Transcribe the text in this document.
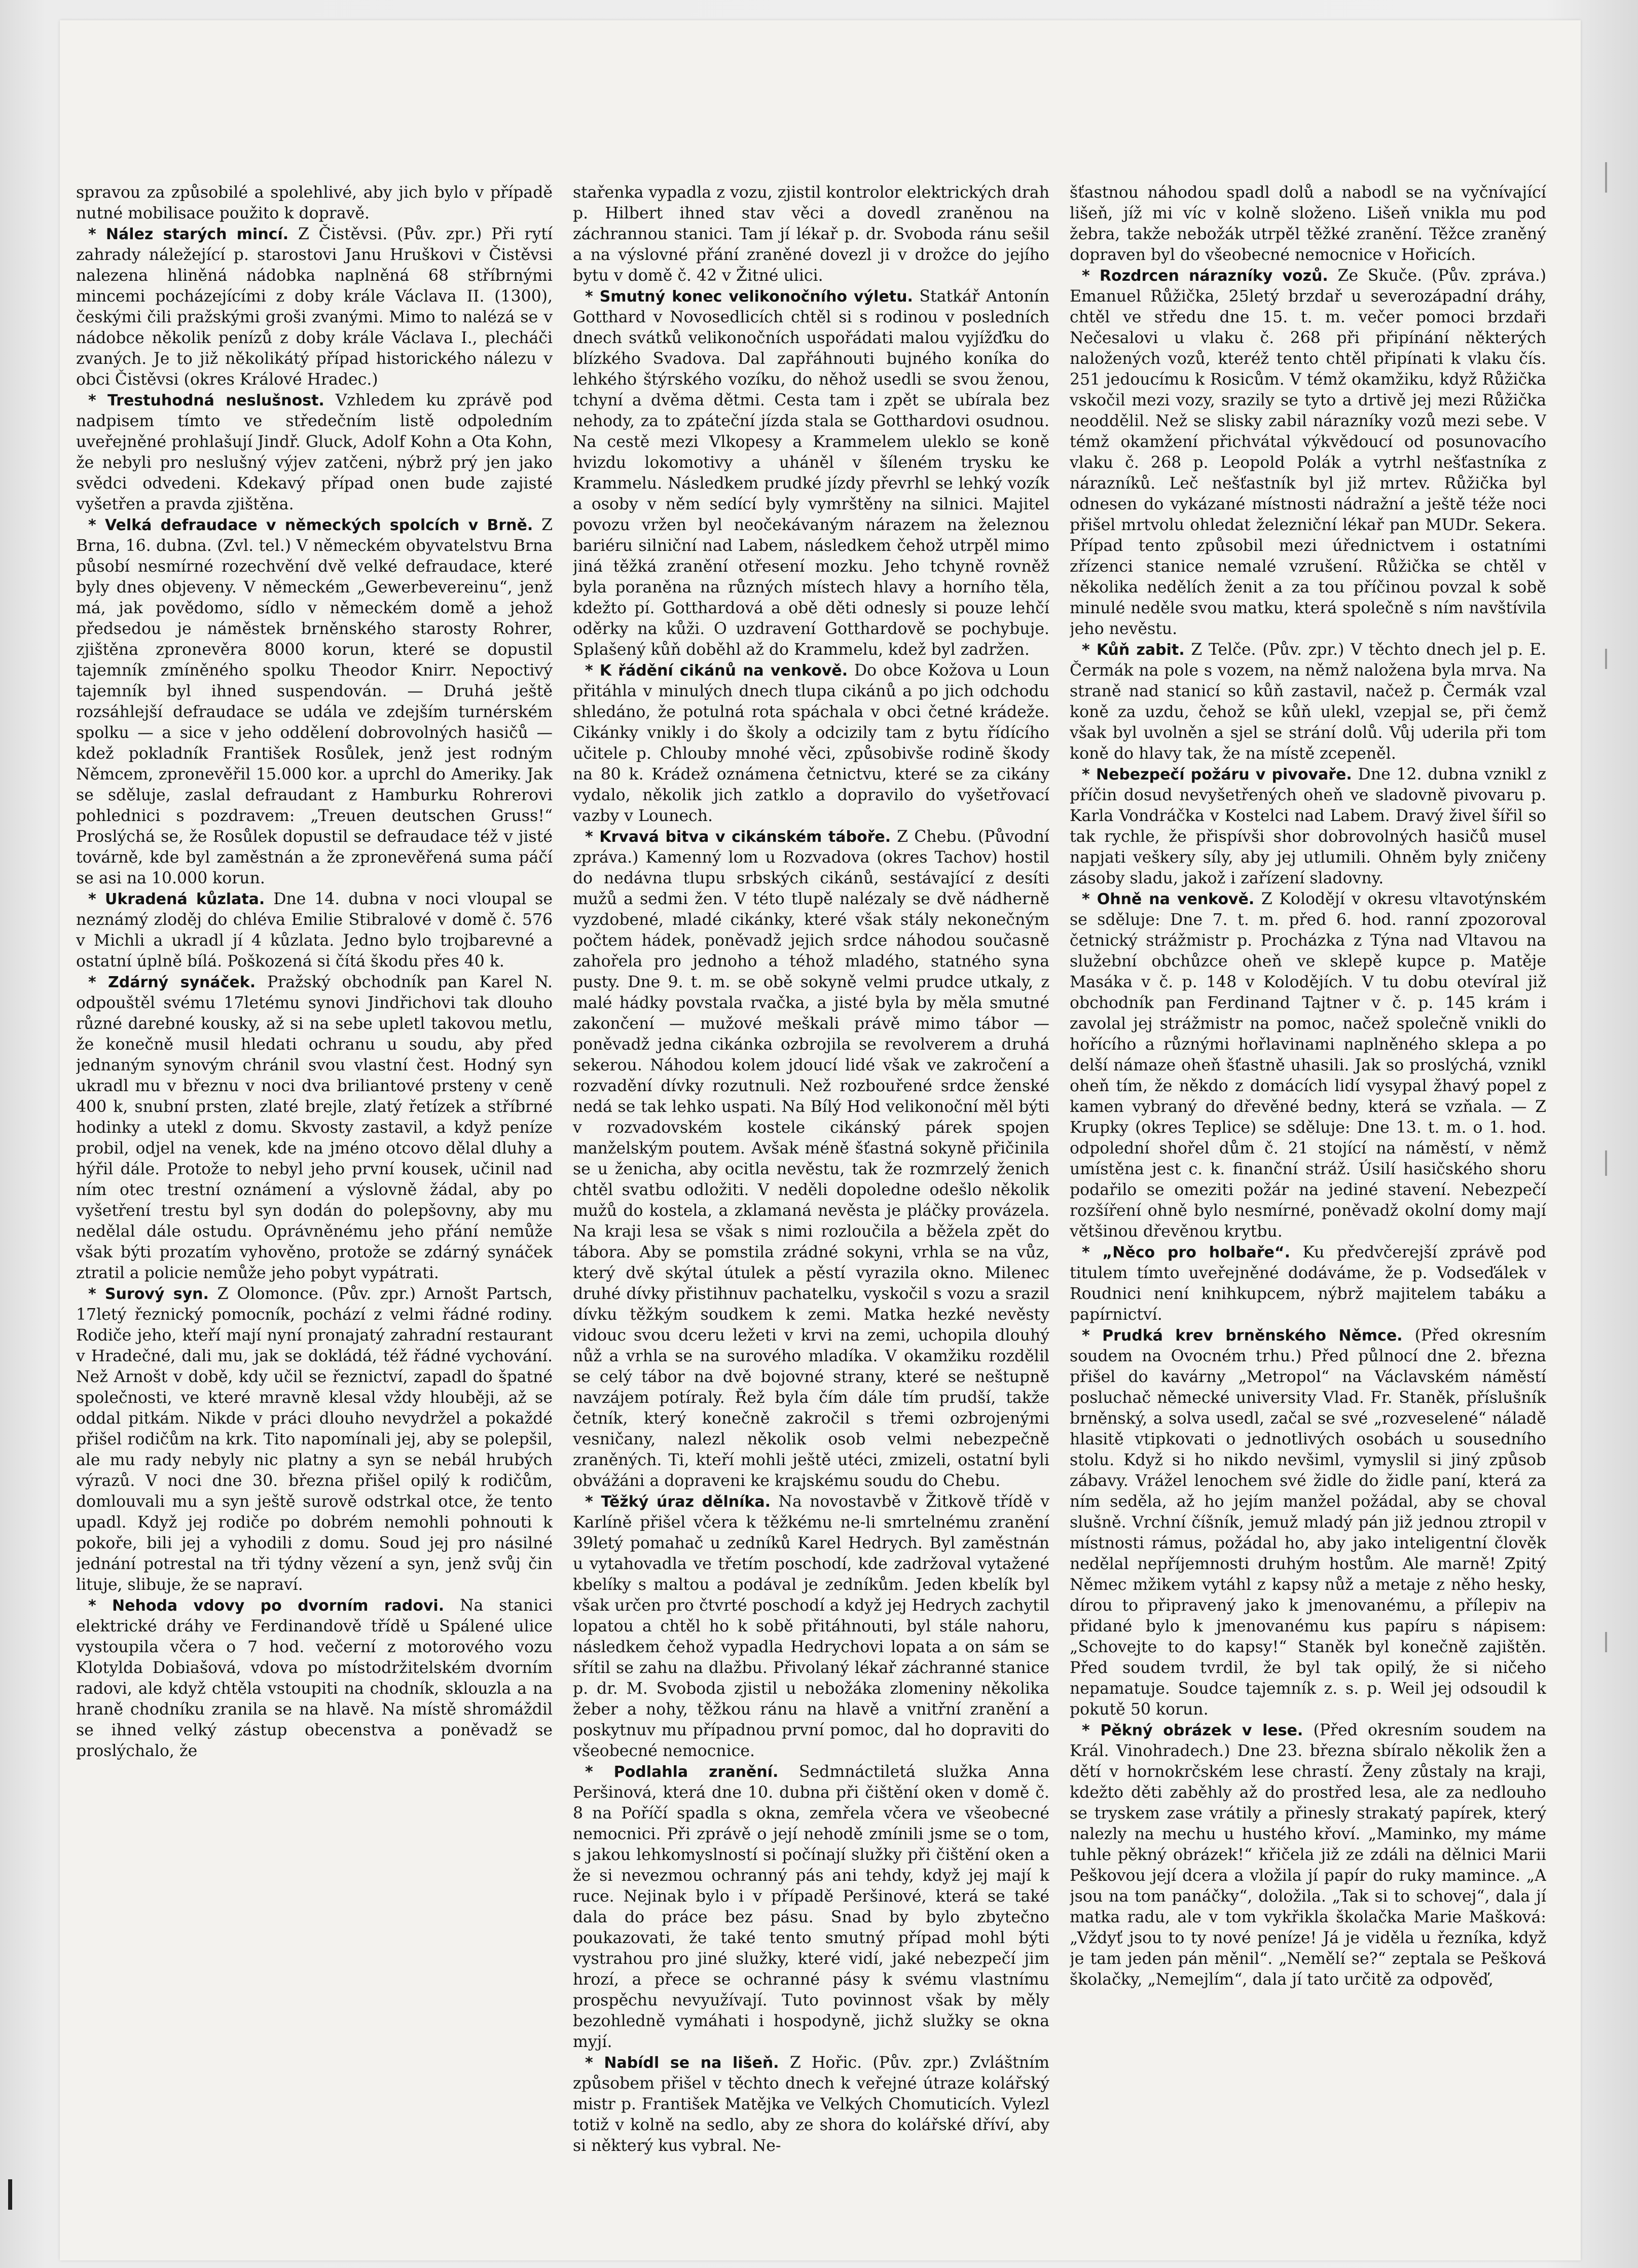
spravou za způsobilé a spolehlivé, aby jich bylo v případě nutné mobilisace použito k dopravě.

* Nález starých mincí. Z Čistěvsi. (Pův. zpr.) Při rytí zahrady náležející p. starostovi Janu Hruškovi v Čistěvsi nalezena hliněná nádobka naplněná 68 stříbrnými mincemi pocházejícími z doby krále Václava II. (1300), českými čili pražskými groši zvanými. Mimo to nalézá se v nádobce několik penízů z doby krále Václava I., plecháči zvaných. Je to již několikátý případ historického nálezu v obci Čistěvsi (okres Králové Hradec.)

* Trestuhodná neslušnost. Vzhledem ku zprávě pod nadpisem tímto ve středečním listě odpoledním uveřejněné prohlašují Jindř. Gluck, Adolf Kohn a Ota Kohn, že nebyli pro neslušný výjev zatčeni, nýbrž prý jen jako svědci odvedeni. Kdekavý případ onen bude zajisté vyšetřen a pravda zjištěna.

* Velká defraudace v německých spolcích v Brně. Z Brna, 16. dubna. (Zvl. tel.) V německém obyvatelstvu Brna působí nesmírné rozechvění dvě velké defraudace, které byly dnes objeveny. V německém „Gewerbevereinu“, jenž má, jak povědomo, sídlo v německém domě a jehož předsedou je náměstek brněnského starosty Rohrer, zjištěna zpronevěra 8000 korun, které se dopustil tajemník zmíněného spolku Theodor Knirr. Nepoctivý tajemník byl ihned suspendován. — Druhá ještě rozsáhlejší defraudace se udála ve zdejším turnérském spolku — a sice v jeho oddělení dobrovolných hasičů — kdež pokladník František Rosůlek, jenž jest rodným Němcem, zpronevěřil 15.000 kor. a uprchl do Ameriky. Jak se sděluje, zaslal defraudant z Hamburku Rohrerovi pohlednici s pozdravem: „Treuen deutschen Gruss!“ Proslýchá se, že Rosůlek dopustil se defraudace též v jisté továrně, kde byl zaměstnán a že zpronevěřená suma páčí se asi na 10.000 korun.

* Ukradená kůzlata. Dne 14. dubna v noci vloupal se neznámý zloděj do chléva Emilie Stibralové v domě č. 576 v Michli a ukradl jí 4 kůzlata. Jedno bylo trojbarevné a ostatní úplně bílá. Poškozená si čítá škodu přes 40 k.

* Zdárný synáček. Pražský obchodník pan Karel N. odpouštěl svému 17letému synovi Jindřichovi tak dlouho různé darebné kousky, až si na sebe upletl takovou metlu, že konečně musil hledati ochranu u soudu, aby před jednaným synovým chránil svou vlastní čest. Hodný syn ukradl mu v březnu v noci dva briliantové prsteny v ceně 400 k, snubní prsten, zlaté brejle, zlatý řetízek a stříbrné hodinky a utekl z domu. Skvosty zastavil, a když peníze probil, odjel na venek, kde na jméno otcovo dělal dluhy a hýřil dále. Protože to nebyl jeho první kousek, učinil nad ním otec trestní oznámení a výslovně žádal, aby po vyšetření trestu byl syn dodán do polepšovny, aby mu nedělal dále ostudu. Oprávněnému jeho přání nemůže však býti prozatím vyhověno, protože se zdárný synáček ztratil a policie nemůže jeho pobyt vypátrati.

* Surový syn. Z Olomonce. (Pův. zpr.) Arnošt Partsch, 17letý řeznický pomocník, pochází z velmi řádné rodiny. Rodiče jeho, kteří mají nyní pronajatý zahradní restaurant v Hradečné, dali mu, jak se dokládá, též řádné vychování. Než Arnošt v době, kdy učil se řeznictví, zapadl do špatné společnosti, ve které mravně klesal vždy hlouběji, až se oddal pitkám. Nikde v práci dlouho nevydržel a pokaždé přišel rodičům na krk. Tito napomínali jej, aby se polepšil, ale mu rady nebyly nic platny a syn se nebál hrubých výrazů. V noci dne 30. března přišel opilý k rodičům, domlouvali mu a syn ještě surově odstrkal otce, že tento upadl. Když jej rodiče po dobrém nemohli pohnouti k pokoře, bili jej a vyhodili z domu. Soud jej pro násilné jednání potrestal na tři týdny vězení a syn, jenž svůj čin lituje, slibuje, že se napraví.

* Nehoda vdovy po dvorním radovi. Na stanici elektrické dráhy ve Ferdinandově třídě u Spálené ulice vystoupila včera o 7 hod. večerní z motorového vozu Klotylda Dobiašová, vdova po místodržitelském dvorním radovi, ale když chtěla vstoupiti na chodník, sklouzla a na hraně chodníku zranila se na hlavě. Na místě shromáždil se ihned velký zástup obecenstva a poněvadž se proslýchalo, že

stařenka vypadla z vozu, zjistil kontrolor elektrických drah p. Hilbert ihned stav věci a dovedl zraněnou na záchrannou stanici. Tam jí lékař p. dr. Svoboda ránu sešil a na výslovné přání zraněné dovezl ji v drožce do jejího bytu v domě č. 42 v Žitné ulici.

* Smutný konec velikonočního výletu. Statkář Antonín Gotthard v Novosedlicích chtěl si s rodinou v posledních dnech svátků velikonočních uspořádati malou vyjížďku do blízkého Svadova. Dal zapřáhnouti bujného koníka do lehkého štýrského vozíku, do něhož usedli se svou ženou, tchyní a dvěma dětmi. Cesta tam i zpět se ubírala bez nehody, za to zpáteční jízda stala se Gotthardovi osudnou. Na cestě mezi Vlkopesy a Krammelem uleklo se koně hvizdu lokomotivy a uháněl v šíleném trysku ke Krammelu. Následkem prudké jízdy převrhl se lehký vozík a osoby v něm sedící byly vymrštěny na silnici. Majitel povozu vržen byl neočekávaným nárazem na železnou bariéru silniční nad Labem, následkem čehož utrpěl mimo jiná těžká zranění otřesení mozku. Jeho tchyně rovněž byla poraněna na různých místech hlavy a horního těla, kdežto pí. Gotthardová a obě děti odnesly si pouze lehčí oděrky na kůži. O uzdravení Gotthardově se pochybuje. Splašený kůň doběhl až do Krammelu, kdež byl zadržen.

* K řádění cikánů na venkově. Do obce Kožova u Loun přitáhla v minulých dnech tlupa cikánů a po jich odchodu shledáno, že potulná rota spáchala v obci četné krádeže. Cikánky vnikly i do školy a odcizily tam z bytu řídícího učitele p. Chlouby mnohé věci, způsobivše rodině škody na 80 k. Krádež oznámena četnictvu, které se za cikány vydalo, několik jich zatklo a dopravilo do vyšetřovací vazby v Lounech.

* Krvavá bitva v cikánském táboře. Z Chebu. (Původní zpráva.) Kamenný lom u Rozvadova (okres Tachov) hostil do nedávna tlupu srbských cikánů, sestávající z desíti mužů a sedmi žen. V této tlupě nalézaly se dvě nádherně vyzdobené, mladé cikánky, které však stály nekonečným počtem hádek, poněvadž jejich srdce náhodou současně zahořela pro jednoho a téhož mladého, statného syna pusty. Dne 9. t. m. se obě sokyně velmi prudce utkaly, z malé hádky povstala rvačka, a jisté byla by měla smutné zakončení — mužové meškali právě mimo tábor — poněvadž jedna cikánka ozbrojila se revolverem a druhá sekerou. Náhodou kolem jdoucí lidé však ve zakročení a rozvadění dívky rozutnuli. Než rozbouřené srdce ženské nedá se tak lehko uspati. Na Bílý Hod velikonoční měl býti v rozvadovském kostele cikánský párek spojen manželským poutem. Avšak méně šťastná sokyně přičinila se u ženicha, aby ocitla nevěstu, tak že rozmrzelý ženich chtěl svatbu odložiti. V neděli dopoledne odešlo několik mužů do kostela, a zklamaná nevěsta je pláčky provázela. Na kraji lesa se však s nimi rozloučila a běžela zpět do tábora. Aby se pomstila zrádné sokyni, vrhla se na vůz, který dvě skýtal útulek a pěstí vyrazila okno. Milenec druhé dívky přistihnuv pachatelku, vyskočil s vozu a srazil dívku těžkým soudkem k zemi. Matka hezké nevěsty vidouc svou dceru ležeti v krvi na zemi, uchopila dlouhý nůž a vrhla se na surového mladíka. V okamžiku rozdělil se celý tábor na dvě bojovné strany, které se neštupně navzájem potíraly. Řež byla čím dále tím prudší, takže četník, který konečně zakročil s třemi ozbrojenými vesničany, nalezl několik osob velmi nebezpečně zraněných. Ti, kteří mohli ještě utéci, zmizeli, ostatní byli obvážáni a dopraveni ke krajskému soudu do Chebu.

* Těžký úraz dělníka. Na novostavbě v Žitkově třídě v Karlíně přišel včera k těžkému ne-li smrtelnému zranění 39letý pomahač u zedníků Karel Hedrych. Byl zaměstnán u vytahovadla ve třetím poschodí, kde zadržoval vytažené kbelíky s maltou a podával je zedníkům. Jeden kbelík byl však určen pro čtvrté poschodí a když jej Hedrych zachytil lopatou a chtěl ho k sobě přitáhnouti, byl stále nahoru, následkem čehož vypadla Hedrychovi lopata a on sám se sřítil se zahu na dlažbu. Přivolaný lékař záchranné stanice p. dr. M. Svoboda zjistil u nebožáka zlomeniny několika žeber a nohy, těžkou ránu na hlavě a vnitřní zranění a poskytnuv mu případnou první pomoc, dal ho dopraviti do všeobecné nemocnice.

* Podlahla zranění. Sedmnáctiletá služka Anna Peršinová, která dne 10. dubna při čištění oken v domě č. 8 na Poříčí spadla s okna, zemřela včera ve všeobecné nemocnici. Při zprávě o její nehodě zmínili jsme se o tom, s jakou lehkomyslností si počínají služky při čištění oken a že si nevezmou ochranný pás ani tehdy, když jej mají k ruce. Nejinak bylo i v případě Peršinové, která se také dala do práce bez pásu. Snad by bylo zbytečno poukazovati, že také tento smutný případ mohl býti vystrahou pro jiné služky, které vidí, jaké nebezpečí jim hrozí, a přece se ochranné pásy k svému vlastnímu prospěchu nevyužívají. Tuto povinnost však by měly bezohledně vymáhati i hospodyně, jichž služky se okna myjí.

* Nabídl se na lišeň. Z Hořic. (Pův. zpr.) Zvláštním způsobem přišel v těchto dnech k veřejné útraze kolářský mistr p. František Matějka ve Velkých Chomuticích. Vylezl totiž v kolně na sedlo, aby ze shora do kolářské dříví, aby si některý kus vybral. Ne-

šťastnou náhodou spadl dolů a nabodl se na vyčnívající lišeň, jíž mi víc v kolně složeno. Lišeň vnikla mu pod žebra, takže nebožák utrpěl těžké zranění. Těžce zraněný dopraven byl do všeobecné nemocnice v Hořicích.

* Rozdrcen nárazníky vozů. Ze Skuče. (Pův. zpráva.) Emanuel Růžička, 25letý brzdař u severozápadní dráhy, chtěl ve středu dne 15. t. m. večer pomoci brzdaři Nečesalovi u vlaku č. 268 při připínání některých naložených vozů, kteréž tento chtěl připínati k vlaku čís. 251 jedoucímu k Rosicům. V témž okamžiku, když Růžička vskočil mezi vozy, srazily se tyto a drtivě jej mezi Růžička neoddělil. Než se slisky zabil nárazníky vozů mezi sebe. V témž okamžení přichvátal výkvědoucí od posunovacího vlaku č. 268 p. Leopold Polák a vytrhl nešťastníka z nárazníků. Leč nešťastník byl již mrtev. Růžička byl odnesen do vykázané místnosti nádražní a ještě téže noci přišel mrtvolu ohledat železniční lékař pan MUDr. Sekera. Případ tento způsobil mezi úřednictvem i ostatními zřízenci stanice nemalé vzrušení. Růžička se chtěl v několika nedělích ženit a za tou příčinou povzal k sobě minulé neděle svou matku, která společně s ním navštívila jeho nevěstu.

* Kůň zabit. Z Telče. (Pův. zpr.) V těchto dnech jel p. E. Čermák na pole s vozem, na němž naložena byla mrva. Na straně nad stanicí so kůň zastavil, načež p. Čermák vzal koně za uzdu, čehož se kůň ulekl, vzepjal se, při čemž však byl uvolněn a sjel se strání dolů. Vůj uderila při tom koně do hlavy tak, že na místě zcepeněl.

* Nebezpečí požáru v pivovaře. Dne 12. dubna vznikl z příčin dosud nevyšetřených oheň ve sladovně pivovaru p. Karla Vondráčka v Kostelci nad Labem. Dravý živel šířil so tak rychle, že přispívši shor dobrovolných hasičů musel napjati veškery síly, aby jej utlumili. Ohněm byly zničeny zásoby sladu, jakož i zařízení sladovny.

* Ohně na venkově. Z Kolodějí v okresu vltavotýnském se sděluje: Dne 7. t. m. před 6. hod. ranní zpozoroval četnický strážmistr p. Procházka z Týna nad Vltavou na služební obchůzce oheň ve sklepě kupce p. Matěje Masáka v č. p. 148 v Kolodějích. V tu dobu otevíral již obchodník pan Ferdinand Tajtner v č. p. 145 krám i zavolal jej strážmistr na pomoc, načež společně vnikli do hořícího a různými hořlavinami naplněného sklepa a po delší námaze oheň šťastně uhasili. Jak so proslýchá, vznikl oheň tím, že někdo z domácích lidí vysypal žhavý popel z kamen vybraný do dřevěné bedny, která se vzňala. — Z Krupky (okres Teplice) se sděluje: Dne 13. t. m. o 1. hod. odpolední shořel dům č. 21 stojící na náměstí, v němž umístěna jest c. k. finanční stráž. Úsilí hasičského shoru podařilo se omeziti požár na jediné stavení. Nebezpečí rozšíření ohně bylo nesmírné, poněvadž okolní domy mají většinou dřevěnou krytbu.

* „Něco pro holbaře“. Ku předvčerejší zprávě pod titulem tímto uveřejněné dodáváme, že p. Vodseďálek v Roudnici není knihkupcem, nýbrž majitelem tabáku a papírnictví.

* Prudká krev brněnského Němce. (Před okresním soudem na Ovocném trhu.) Před půlnocí dne 2. března přišel do kavárny „Metropol“ na Václavském náměstí posluchač německé university Vlad. Fr. Staněk, příslušník brněnský, a solva usedl, začal se své „rozveselené“ náladě hlasitě vtipkovati o jednotlivých osobách u sousedního stolu. Když si ho nikdo nevšiml, vymyslil si jiný způsob zábavy. Vrážel lenochem své židle do židle paní, která za ním seděla, až ho jejím manžel požádal, aby se choval slušně. Vrchní číšník, jemuž mladý pán již jednou ztropil v místnosti rámus, požádal ho, aby jako inteligentní člověk nedělal nepříjemnosti druhým hostům. Ale marně! Zpitý Němec mžikem vytáhl z kapsy nůž a metaje z něho hesky, dírou to připravený jako k jmenovanému, a přílepiv na přidané bylo k jmenovanému kus papíru s nápisem: „Schovejte to do kapsy!“ Staněk byl konečně zajištěn. Před soudem tvrdil, že byl tak opilý, že si ničeho nepamatuje. Soudce tajemník z. s. p. Weil jej odsoudil k pokutě 50 korun.

* Pěkný obrázek v lese. (Před okresním soudem na Král. Vinohradech.) Dne 23. března sbíralo několik žen a dětí v hornokrčském lese chrastí. Ženy zůstaly na kraji, kdežto děti zaběhly až do prostřed lesa, ale za nedlouho se tryskem zase vrátily a přinesly strakatý papírek, který nalezly na mechu u hustého křoví. „Maminko, my máme tuhle pěkný obrázek!“ křičela již ze zdáli na dělnici Marii Peškovou její dcera a vložila jí papír do ruky mamince. „A jsou na tom panáčky“, doložila. „Tak si to schovej“, dala jí matka radu, ale v tom vykřikla školačka Marie Mašková: „Vždyť jsou to ty nové peníze! Já je viděla u řezníka, když je tam jeden pán měnil“. „Nemělí se?“ zeptala se Pešková školačky, „Nemejlím“, dala jí tato určitě za odpověď,
